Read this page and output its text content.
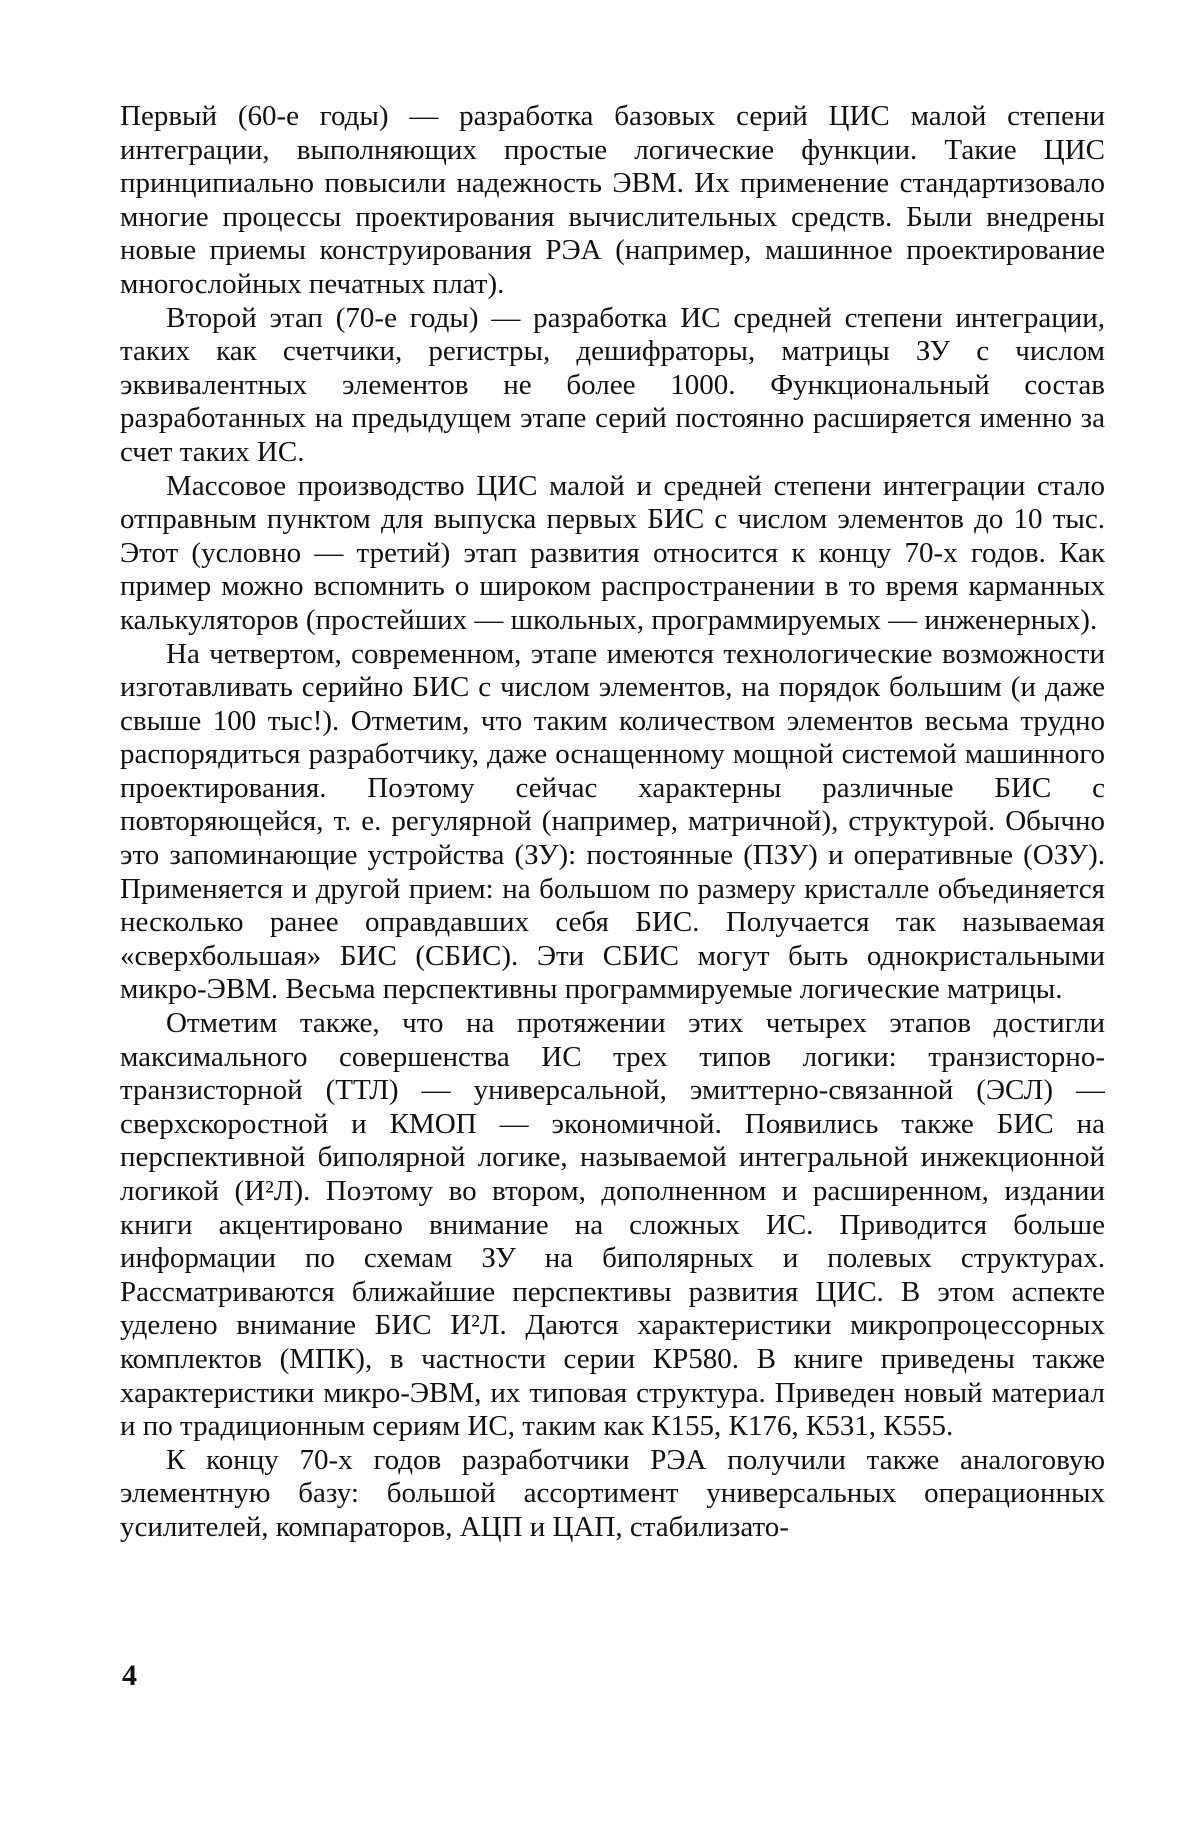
Первый (60-е годы) — разработка базовых серий ЦИС малой степени интеграции, выполняющих простые логические функции. Такие ЦИС принципиально повысили надежность ЭВМ. Их применение стандартизовало многие процессы проектирования вычислительных средств. Были внедрены новые приемы конструирования РЭА (например, машинное проектирование многослойных печатных плат).

Второй этап (70-е годы) — разработка ИС средней степени интеграции, таких как счетчики, регистры, дешифраторы, матрицы ЗУ с числом эквивалентных элементов не более 1000. Функциональный состав разработанных на предыдущем этапе серий постоянно расширяется именно за счет таких ИС.

Массовое производство ЦИС малой и средней степени интеграции стало отправным пунктом для выпуска первых БИС с числом элементов до 10 тыс. Этот (условно — третий) этап развития относится к концу 70-х годов. Как пример можно вспомнить о широком распространении в то время карманных калькуляторов (простейших — школьных, программируемых — инженерных).

На четвертом, современном, этапе имеются технологические возможности изготавливать серийно БИС с числом элементов, на порядок большим (и даже свыше 100 тыс!). Отметим, что таким количеством элементов весьма трудно распорядиться разработчику, даже оснащенному мощной системой машинного проектирования. Поэтому сейчас характерны различные БИС с повторяющейся, т. е. регулярной (например, матричной), структурой. Обычно это запоминающие устройства (ЗУ): постоянные (ПЗУ) и оперативные (ОЗУ). Применяется и другой прием: на большом по размеру кристалле объединяется несколько ранее оправдавших себя БИС. Получается так называемая «сверхбольшая» БИС (СБИС). Эти СБИС могут быть однокристальными микро-ЭВМ. Весьма перспективны программируемые логические матрицы.

Отметим также, что на протяжении этих четырех этапов достигли максимального совершенства ИС трех типов логики: транзисторно-транзисторной (ТТЛ) — универсальной, эмиттерно-связанной (ЭСЛ) — сверхскоростной и КМОП — экономичной. Появились также БИС на перспективной биполярной логике, называемой интегральной инжекционной логикой (И²Л). Поэтому во втором, дополненном и расширенном, издании книги акцентировано внимание на сложных ИС. Приводится больше информации по схемам ЗУ на биполярных и полевых структурах. Рассматриваются ближайшие перспективы развития ЦИС. В этом аспекте уделено внимание БИС И²Л. Даются характеристики микропроцессорных комплектов (МПК), в частности серии КР580. В книге приведены также характеристики микро-ЭВМ, их типовая структура. Приведен новый материал и по традиционным сериям ИС, таким как К155, К176, К531, К555.

К концу 70-х годов разработчики РЭА получили также аналоговую элементную базу: большой ассортимент универсальных операционных усилителей, компараторов, АЦП и ЦАП, стабилизато-

4
